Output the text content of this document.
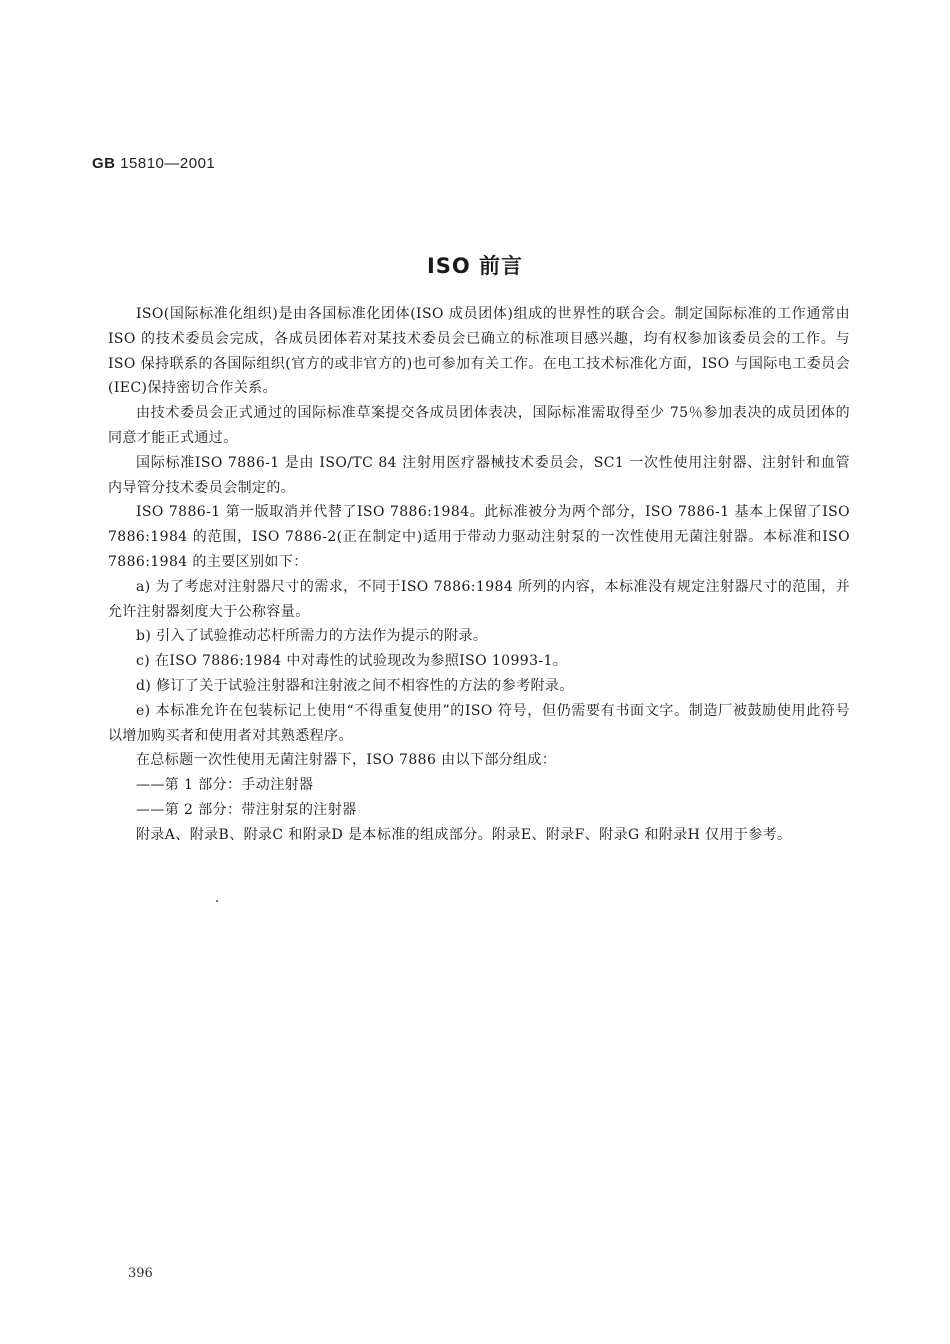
GB 15810—2001
ISO 前言

ISO(国际标准化组织)是由各国标准化团体(ISO 成员团体)组成的世界性的联合会。制定国际标准的工作通常由ISO 的技术委员会完成，各成员团体若对某技术委员会已确立的标准项目感兴趣，均有权参加该委员会的工作。与ISO 保持联系的各国际组织(官方的或非官方的)也可参加有关工作。在电工技术标准化方面，ISO 与国际电工委员会(IEC)保持密切合作关系。

由技术委员会正式通过的国际标准草案提交各成员团体表决，国际标准需取得至少 75％参加表决的成员团体的同意才能正式通过。

国际标准ISO 7886-1 是由 ISO/TC 84 注射用医疗器械技术委员会，SC1 一次性使用注射器、注射针和血管内导管分技术委员会制定的。

ISO 7886-1 第一版取消并代替了ISO 7886:1984。此标准被分为两个部分，ISO 7886-1 基本上保留了ISO 7886:1984 的范围，ISO 7886-2(正在制定中)适用于带动力驱动注射泵的一次性使用无菌注射器。本标准和ISO 7886:1984 的主要区别如下：

a) 为了考虑对注射器尺寸的需求，不同于ISO 7886:1984 所列的内容，本标准没有规定注射器尺寸的范围，并允许注射器刻度大于公称容量。

b) 引入了试验推动芯杆所需力的方法作为提示的附录。

c) 在ISO 7886:1984 中对毒性的试验现改为参照ISO 10993-1。

d) 修订了关于试验注射器和注射液之间不相容性的方法的参考附录。

e) 本标准允许在包装标记上使用“不得重复使用”的ISO 符号，但仍需要有书面文字。制造厂被鼓励使用此符号以增加购买者和使用者对其熟悉程序。

在总标题一次性使用无菌注射器下，ISO 7886 由以下部分组成：

——第 1 部分：手动注射器

——第 2 部分：带注射泵的注射器

附录A、附录B、附录C 和附录D 是本标准的组成部分。附录E、附录F、附录G 和附录H 仅用于参考。

396
